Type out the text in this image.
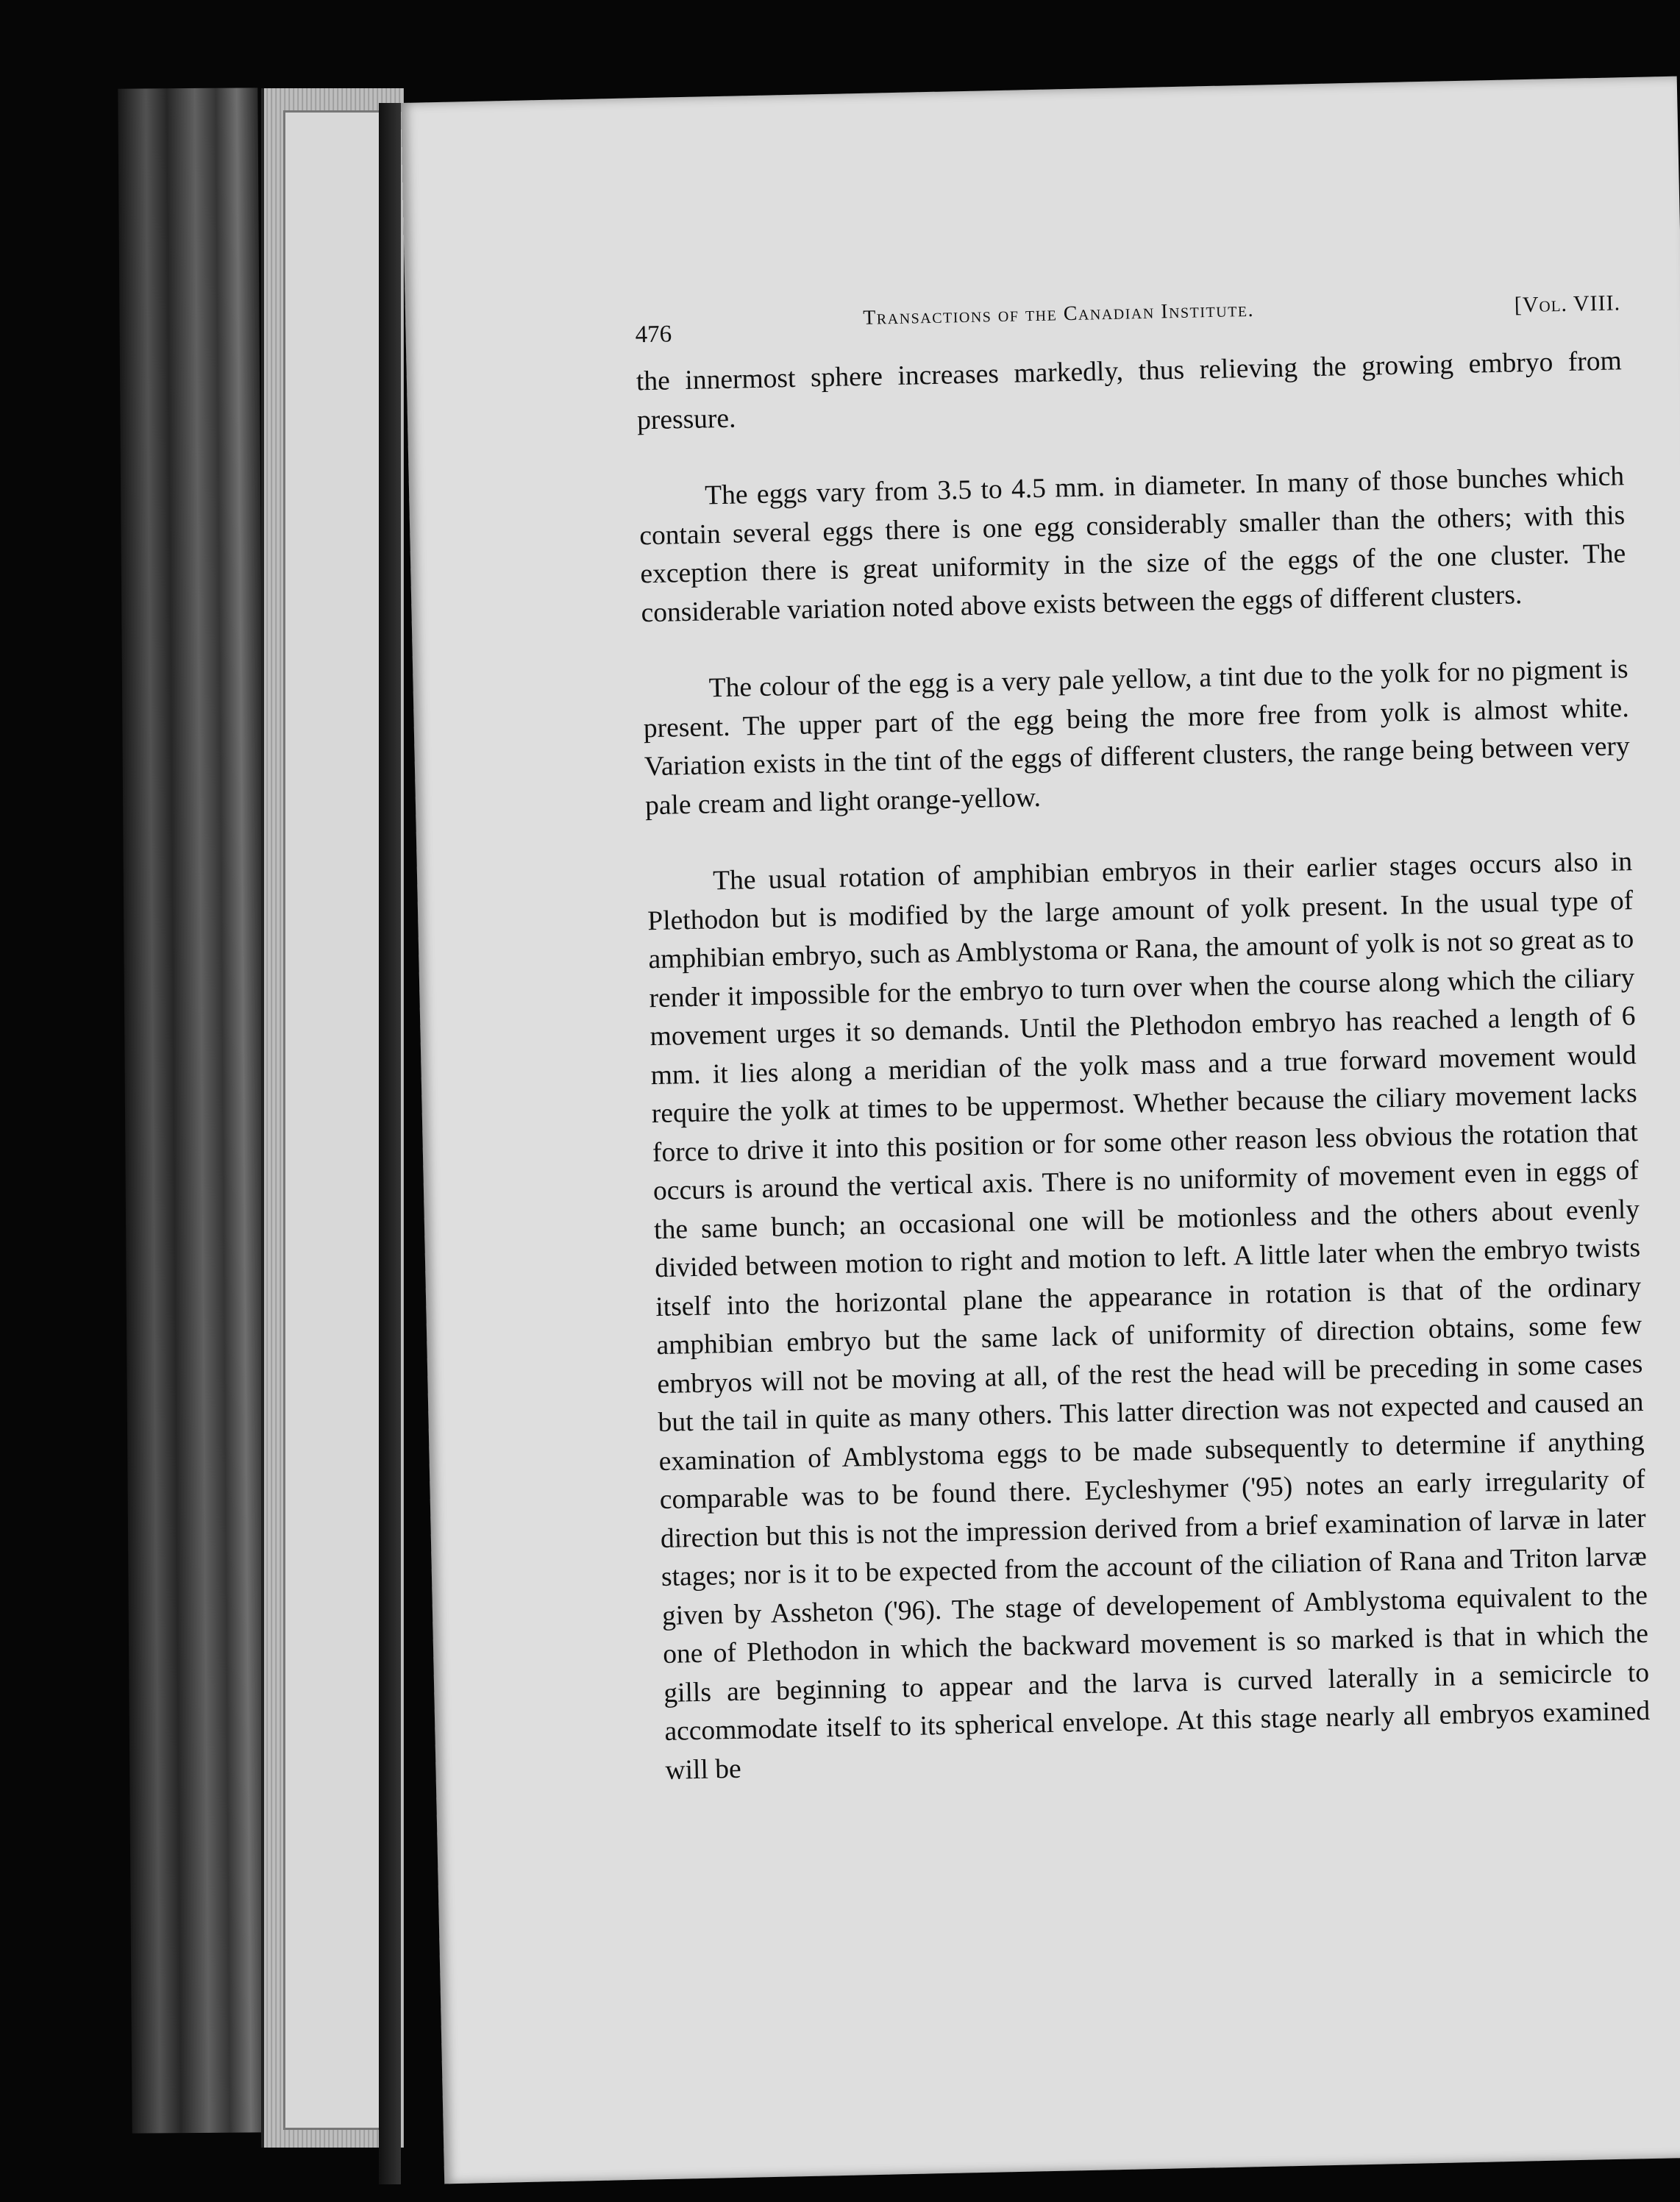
476
Transactions of the Canadian Institute.	[Vol. VIII.

the innermost sphere increases markedly, thus relieving the growing embryo from pressure.

The eggs vary from 3.5 to 4.5 mm. in diameter. In many of those bunches which contain several eggs there is one egg considerably smaller than the others; with this exception there is great uniformity in the size of the eggs of the one cluster. The considerable variation noted above exists between the eggs of different clusters.

The colour of the egg is a very pale yellow, a tint due to the yolk for no pigment is present. The upper part of the egg being the more free from yolk is almost white. Variation exists in the tint of the eggs of different clusters, the range being between very pale cream and light orange-yellow.

The usual rotation of amphibian embryos in their earlier stages occurs also in Plethodon but is modified by the large amount of yolk present. In the usual type of amphibian embryo, such as Amblystoma or Rana, the amount of yolk is not so great as to render it impossible for the embryo to turn over when the course along which the ciliary movement urges it so demands. Until the Plethodon embryo has reached a length of 6 mm. it lies along a meridian of the yolk mass and a true forward movement would require the yolk at times to be uppermost. Whether because the ciliary movement lacks force to drive it into this position or for some other reason less obvious the rotation that occurs is around the vertical axis. There is no uniformity of movement even in eggs of the same bunch; an occasional one will be motionless and the others about evenly divided between motion to right and motion to left. A little later when the embryo twists itself into the horizontal plane the appearance in rotation is that of the ordinary amphibian embryo but the same lack of uniformity of direction obtains, some few embryos will not be moving at all, of the rest the head will be preceding in some cases but the tail in quite as many others. This latter direction was not expected and caused an examination of Amblystoma eggs to be made subsequently to determine if anything comparable was to be found there. Eycleshymer ('95) notes an early irregularity of direction but this is not the impression derived from a brief examination of larvæ in later stages; nor is it to be expected from the account of the ciliation of Rana and Triton larvæ given by Assheton ('96). The stage of developement of Amblystoma equivalent to the one of Plethodon in which the backward movement is so marked is that in which the gills are beginning to appear and the larva is curved laterally in a semicircle to accommodate itself to its spherical envelope. At this stage nearly all embryos examined will be
